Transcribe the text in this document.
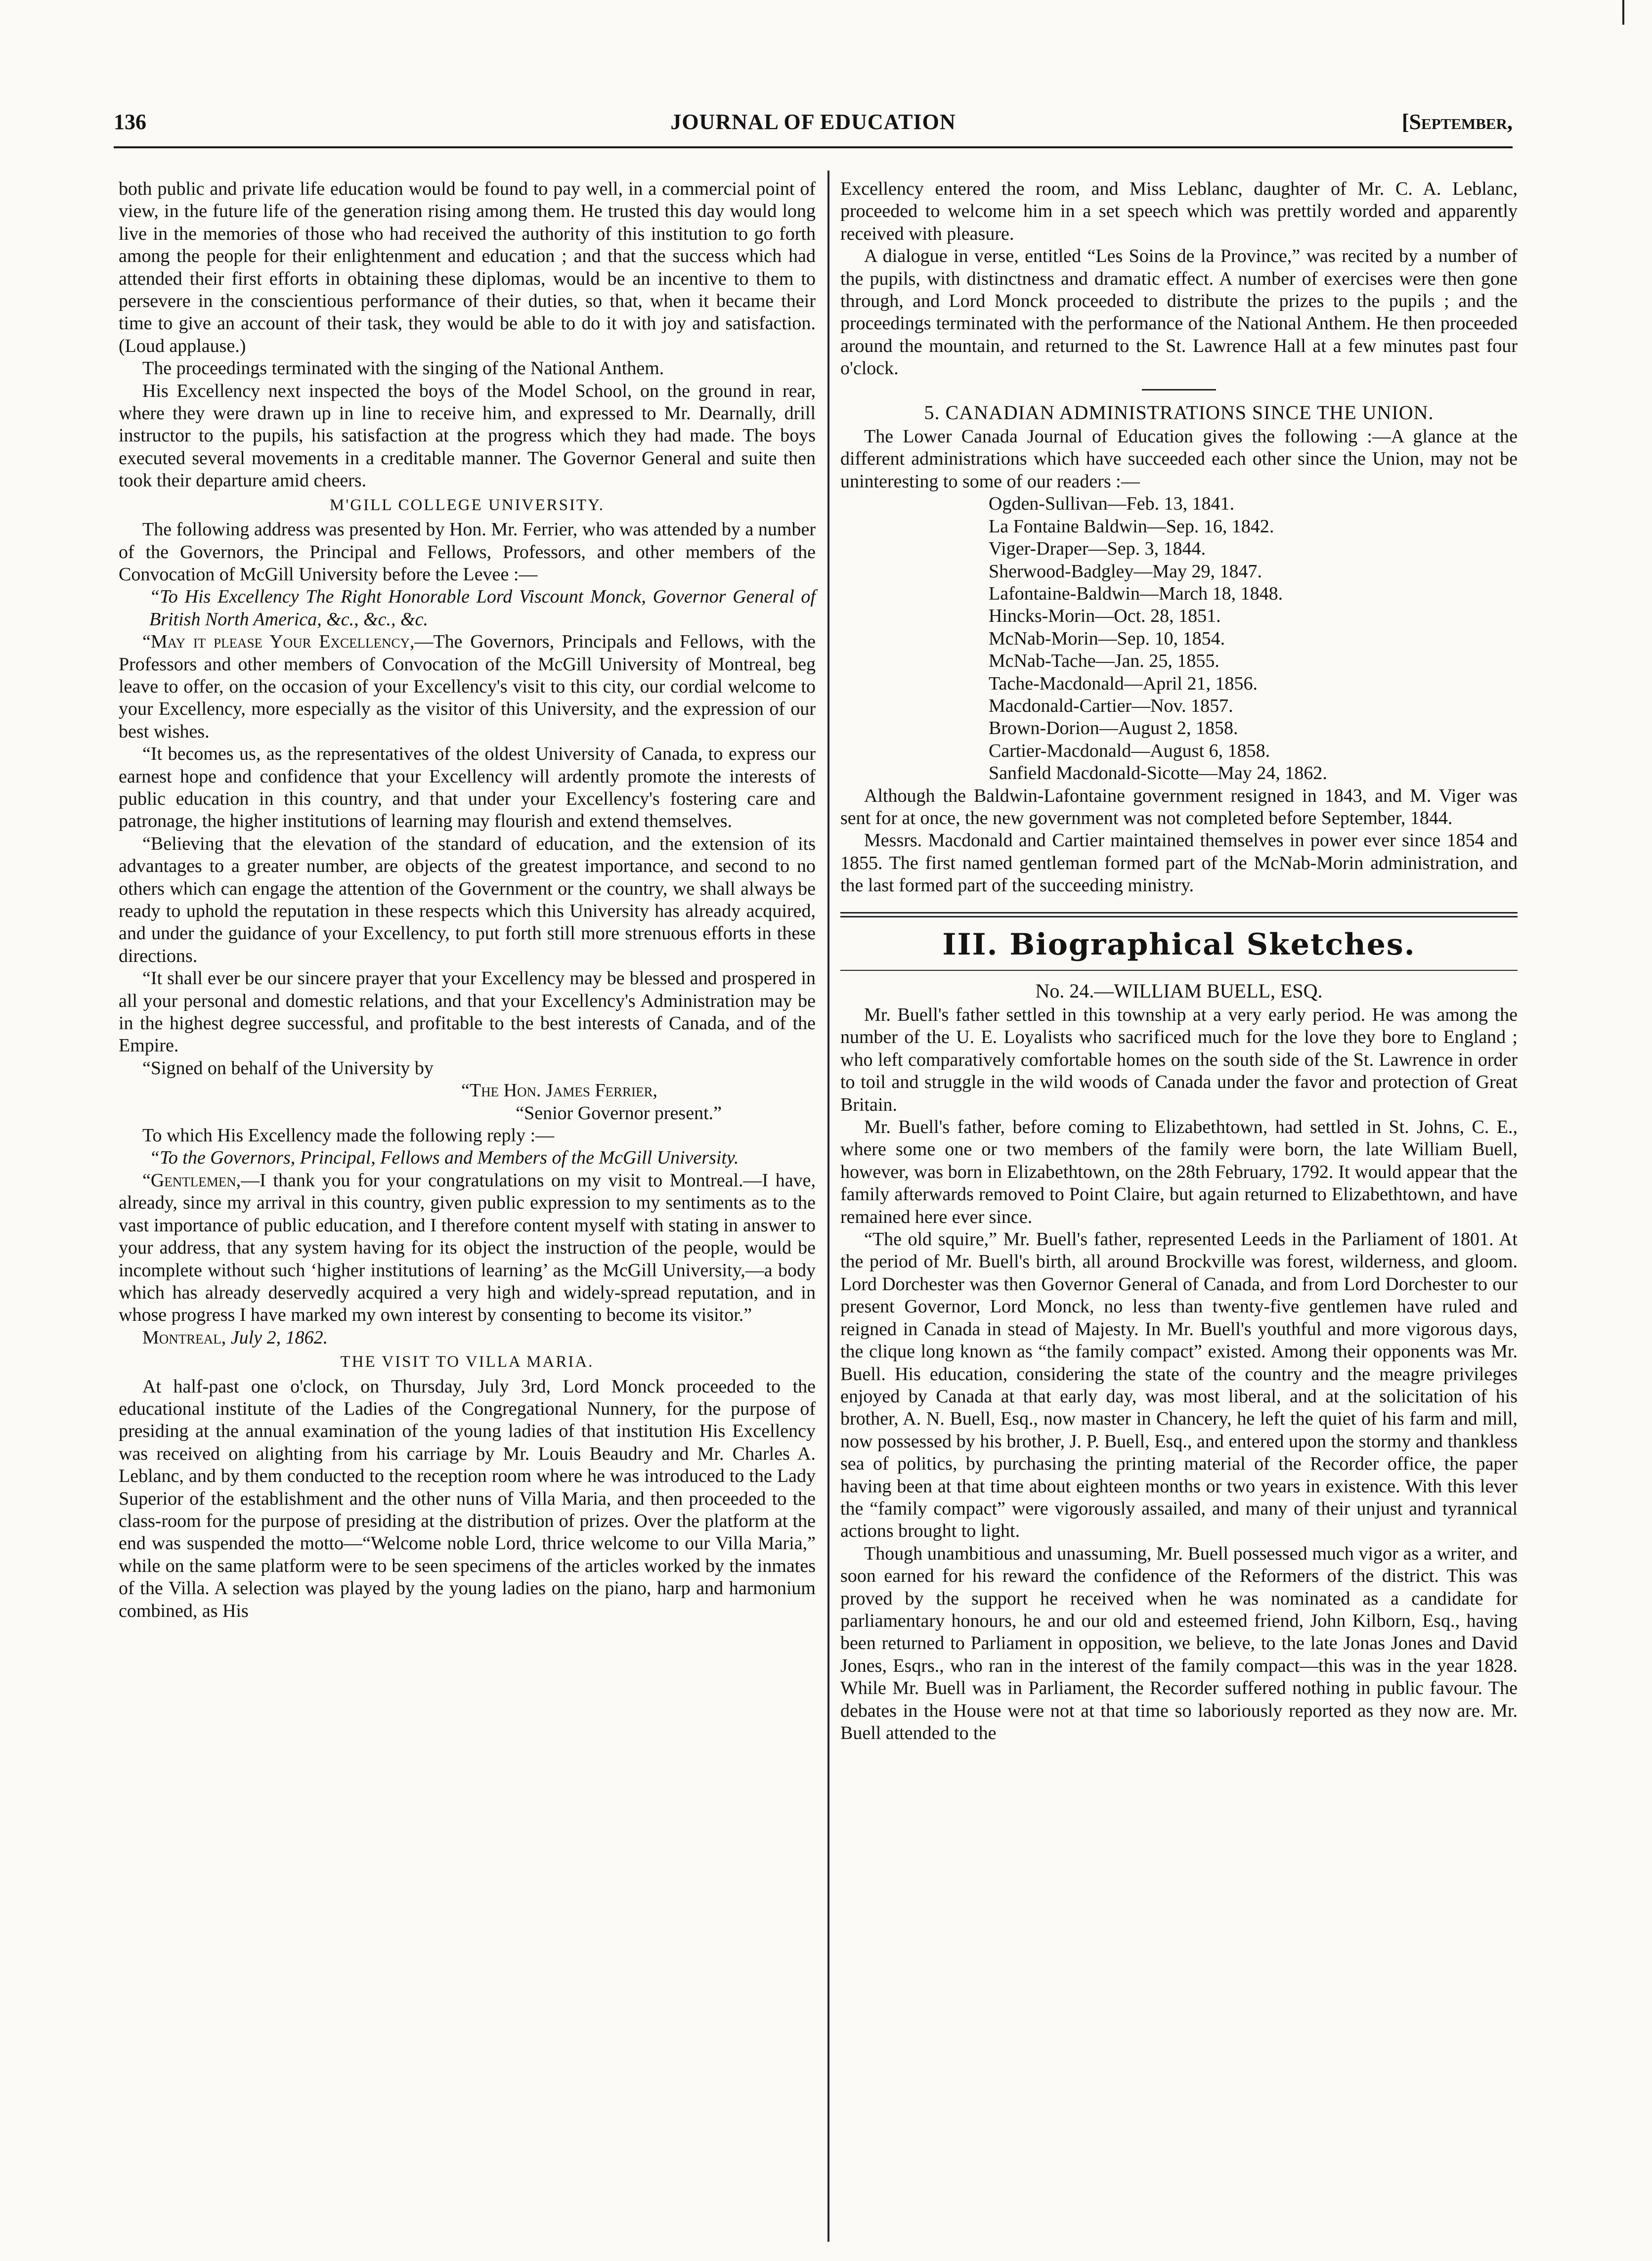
136	JOURNAL OF EDUCATION	[September,

both public and private life education would be found to pay well, in a commercial point of view, in the future life of the generation rising among them. He trusted this day would long live in the memories of those who had received the authority of this institution to go forth among the people for their enlightenment and education ; and that the success which had attended their first efforts in obtaining these diplomas, would be an incentive to them to persevere in the conscientious performance of their duties, so that, when it became their time to give an account of their task, they would be able to do it with joy and satisfaction. (Loud applause.)

The proceedings terminated with the singing of the National Anthem.

His Excellency next inspected the boys of the Model School, on the ground in rear, where they were drawn up in line to receive him, and expressed to Mr. Dearnally, drill instructor to the pupils, his satisfaction at the progress which they had made. The boys executed several movements in a creditable manner. The Governor General and suite then took their departure amid cheers.

M'GILL COLLEGE UNIVERSITY.

The following address was presented by Hon. Mr. Ferrier, who was attended by a number of the Governors, the Principal and Fellows, Professors, and other members of the Convocation of McGill University before the Levee :—

“To His Excellency The Right Honorable Lord Viscount Monck, Governor General of British North America, &c., &c., &c.

“May it please Your Excellency,—The Governors, Principals and Fellows, with the Professors and other members of Convocation of the McGill University of Montreal, beg leave to offer, on the occasion of your Excellency's visit to this city, our cordial welcome to your Excellency, more especially as the visitor of this University, and the expression of our best wishes.

“It becomes us, as the representatives of the oldest University of Canada, to express our earnest hope and confidence that your Excellency will ardently promote the interests of public education in this country, and that under your Excellency's fostering care and patronage, the higher institutions of learning may flourish and extend themselves.

“Believing that the elevation of the standard of education, and the extension of its advantages to a greater number, are objects of the greatest importance, and second to no others which can engage the attention of the Government or the country, we shall always be ready to uphold the reputation in these respects which this University has already acquired, and under the guidance of your Excellency, to put forth still more strenuous efforts in these directions.

“It shall ever be our sincere prayer that your Excellency may be blessed and prospered in all your personal and domestic relations, and that your Excellency's Administration may be in the highest degree successful, and profitable to the best interests of Canada, and of the Empire.

“Signed on behalf of the University by

“The Hon. James Ferrier,

“Senior Governor present.”

To which His Excellency made the following reply :—

“To the Governors, Principal, Fellows and Members of the McGill University.

“Gentlemen,—I thank you for your congratulations on my visit to Montreal.—I have, already, since my arrival in this country, given public expression to my sentiments as to the vast importance of public education, and I therefore content myself with stating in answer to your address, that any system having for its object the instruction of the people, would be incomplete without such ‘higher institutions of learning’ as the McGill University,—a body which has already deservedly acquired a very high and widely-spread reputation, and in whose progress I have marked my own interest by consenting to become its visitor.”

Montreal, July 2, 1862.

THE VISIT TO VILLA MARIA.

At half-past one o'clock, on Thursday, July 3rd, Lord Monck proceeded to the educational institute of the Ladies of the Congregational Nunnery, for the purpose of presiding at the annual examination of the young ladies of that institution His Excellency was received on alighting from his carriage by Mr. Louis Beaudry and Mr. Charles A. Leblanc, and by them conducted to the reception room where he was introduced to the Lady Superior of the establishment and the other nuns of Villa Maria, and then proceeded to the class-room for the purpose of presiding at the distribution of prizes. Over the platform at the end was suspended the motto—“Welcome noble Lord, thrice welcome to our Villa Maria,” while on the same platform were to be seen specimens of the articles worked by the inmates of the Villa. A selection was played by the young ladies on the piano, harp and harmonium combined, as His

Excellency entered the room, and Miss Leblanc, daughter of Mr. C. A. Leblanc, proceeded to welcome him in a set speech which was prettily worded and apparently received with pleasure.

A dialogue in verse, entitled “Les Soins de la Province,” was recited by a number of the pupils, with distinctness and dramatic effect. A number of exercises were then gone through, and Lord Monck proceeded to distribute the prizes to the pupils ; and the proceedings terminated with the performance of the National Anthem. He then proceeded around the mountain, and returned to the St. Lawrence Hall at a few minutes past four o'clock.

5. CANADIAN ADMINISTRATIONS SINCE THE UNION.

The Lower Canada Journal of Education gives the following :—A glance at the different administrations which have succeeded each other since the Union, may not be uninteresting to some of our readers :—

Ogden-Sullivan—Feb. 13, 1841.
La Fontaine Baldwin—Sep. 16, 1842.
Viger-Draper—Sep. 3, 1844.
Sherwood-Badgley—May 29, 1847.
Lafontaine-Baldwin—March 18, 1848.
Hincks-Morin—Oct. 28, 1851.
McNab-Morin—Sep. 10, 1854.
McNab-Tache—Jan. 25, 1855.
Tache-Macdonald—April 21, 1856.
Macdonald-Cartier—Nov. 1857.
Brown-Dorion—August 2, 1858.
Cartier-Macdonald—August 6, 1858.
Sanfield Macdonald-Sicotte—May 24, 1862.

Although the Baldwin-Lafontaine government resigned in 1843, and M. Viger was sent for at once, the new government was not completed before September, 1844.

Messrs. Macdonald and Cartier maintained themselves in power ever since 1854 and 1855. The first named gentleman formed part of the McNab-Morin administration, and the last formed part of the succeeding ministry.

III. Biographical Sketches.
No. 24.—WILLIAM BUELL, ESQ.

Mr. Buell's father settled in this township at a very early period. He was among the number of the U. E. Loyalists who sacrificed much for the love they bore to England ; who left comparatively comfortable homes on the south side of the St. Lawrence in order to toil and struggle in the wild woods of Canada under the favor and protection of Great Britain.

Mr. Buell's father, before coming to Elizabethtown, had settled in St. Johns, C. E., where some one or two members of the family were born, the late William Buell, however, was born in Elizabethtown, on the 28th February, 1792. It would appear that the family afterwards removed to Point Claire, but again returned to Elizabethtown, and have remained here ever since.

“The old squire,” Mr. Buell's father, represented Leeds in the Parliament of 1801. At the period of Mr. Buell's birth, all around Brockville was forest, wilderness, and gloom. Lord Dorchester was then Governor General of Canada, and from Lord Dorchester to our present Governor, Lord Monck, no less than twenty-five gentlemen have ruled and reigned in Canada in stead of Majesty. In Mr. Buell's youthful and more vigorous days, the clique long known as “the family compact” existed. Among their opponents was Mr. Buell. His education, considering the state of the country and the meagre privileges enjoyed by Canada at that early day, was most liberal, and at the solicitation of his brother, A. N. Buell, Esq., now master in Chancery, he left the quiet of his farm and mill, now possessed by his brother, J. P. Buell, Esq., and entered upon the stormy and thankless sea of politics, by purchasing the printing material of the Recorder office, the paper having been at that time about eighteen months or two years in existence. With this lever the “family compact” were vigorously assailed, and many of their unjust and tyrannical actions brought to light.

Though unambitious and unassuming, Mr. Buell possessed much vigor as a writer, and soon earned for his reward the confidence of the Reformers of the district. This was proved by the support he received when he was nominated as a candidate for parliamentary honours, he and our old and esteemed friend, John Kilborn, Esq., having been returned to Parliament in opposition, we believe, to the late Jonas Jones and David Jones, Esqrs., who ran in the interest of the family compact—this was in the year 1828. While Mr. Buell was in Parliament, the Recorder suffered nothing in public favour. The debates in the House were not at that time so laboriously reported as they now are. Mr. Buell attended to the
